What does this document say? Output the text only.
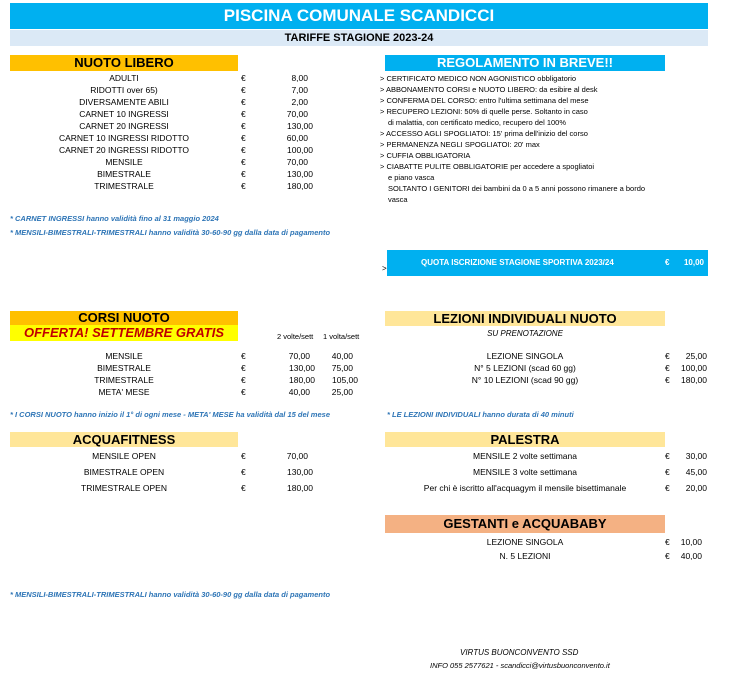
PISCINA COMUNALE SCANDICCI
TARIFFE STAGIONE 2023-24
NUOTO LIBERO
ADULTI	€	8,00
RIDOTTI over 65)	€	7,00
DIVERSAMENTE ABILI	€	2,00
CARNET 10 INGRESSI	€	70,00
CARNET 20 INGRESSI	€	130,00
CARNET 10 INGRESSI RIDOTTO	€	60,00
CARNET 20 INGRESSI RIDOTTO	€	100,00
MENSILE	€	70,00
BIMESTRALE	€	130,00
TRIMESTRALE	€	180,00
* CARNET INGRESSI hanno validità fino al 31 maggio 2024
* MENSILI-BIMESTRALI-TRIMESTRALI hanno validità 30-60-90 gg dalla data di pagamento
REGOLAMENTO IN BREVE!!
> CERTIFICATO MEDICO NON AGONISTICO obbligatorio
> ABBONAMENTO CORSI e NUOTO LIBERO: da esibire al desk
> CONFERMA DEL CORSO: entro l'ultima settimana del mese
> RECUPERO LEZIONI: 50% di quelle perse. Soltanto in caso
di malattia, con certificato medico, recupero del 100%
> ACCESSO AGLI SPOGLIATOI: 15' prima dell'inizio del corso
> PERMANENZA NEGLI SPOGLIATOI: 20' max
> CUFFIA OBBLIGATORIA
> CIABATTE PULITE OBBLIGATORIE per accedere a spogliatoi
e piano vasca
SOLTANTO I GENITORI dei bambini da 0 a 5 anni possono rimanere a bordo
vasca
>
QUOTA ISCRIZIONE STAGIONE SPORTIVA 2023/24	€ 10,00
CORSI NUOTO
OFFERTA! SETTEMBRE GRATIS	2 volte/sett 1 volta/sett
MENSILE	€	70,00	40,00
BIMESTRALE	€	130,00	75,00
TRIMESTRALE	€	180,00	105,00
META' MESE	€	40,00	25,00
* I CORSI NUOTO hanno inizio il 1° di ogni mese - META' MESE ha validità dal 15 del mese
LEZIONI INDIVIDUALI NUOTO
SU PRENOTAZIONE
LEZIONE SINGOLA	€	25,00
N° 5 LEZIONI (scad 60 gg)	€	100,00
N° 10 LEZIONI (scad 90 gg)	€	180,00
* LE LEZIONI INDIVIDUALI hanno durata di 40 minuti
ACQUAFITNESS
MENSILE OPEN	€	70,00
BIMESTRALE OPEN	€	130,00
TRIMESTRALE OPEN	€	180,00
PALESTRA
MENSILE 2 volte settimana	€	30,00
MENSILE 3 volte settimana	€	45,00
Per chi è iscritto all'acquagym il mensile bisettimanale	€	20,00
GESTANTI e ACQUABABY
LEZIONE SINGOLA	€	10,00
N. 5 LEZIONI	€	40,00
* MENSILI-BIMESTRALI-TRIMESTRALI hanno validità 30-60-90 gg dalla data di pagamento
VIRTUS BUONCONVENTO SSD
INFO 055 2577621 - scandicci@virtusbuonconvento.it
